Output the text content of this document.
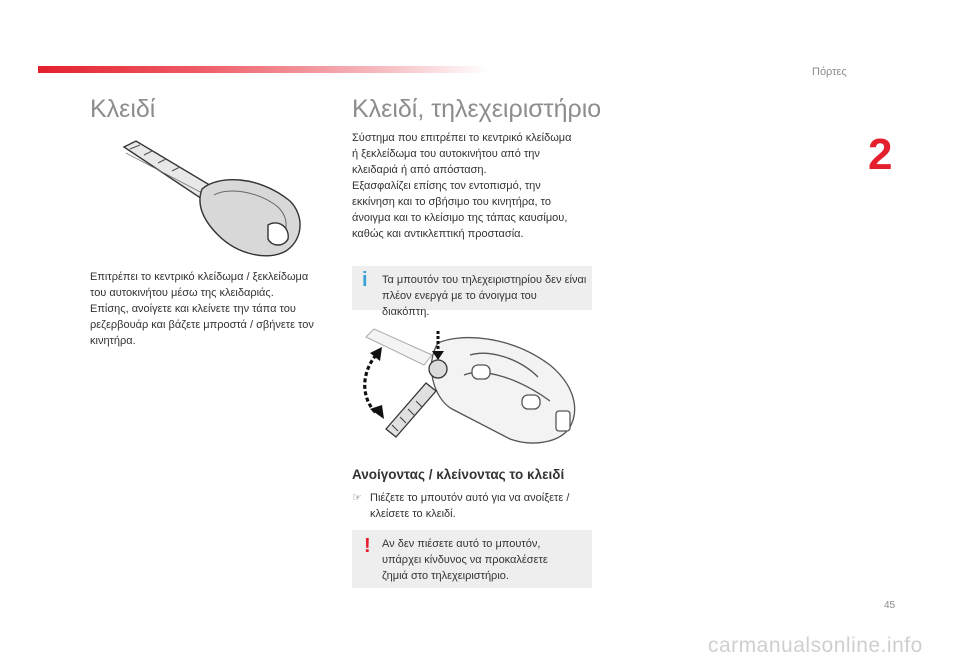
Πόρτες
2
Κλειδί
Επιτρέπει το κεντρικό κλείδωμα / ξεκλείδωμα
του αυτοκινήτου μέσω της κλειδαριάς.
Επίσης, ανοίγετε και κλείνετε την τάπα του
ρεζερβουάρ και βάζετε μπροστά / σβήνετε τον
κινητήρα.
Κλειδί, τηλεχειριστήριο
Σύστημα που επιτρέπει το κεντρικό κλείδωμα
ή ξεκλείδωμα του αυτοκινήτου από την
κλειδαριά ή από απόσταση.
Εξασφαλίζει επίσης τον εντοπισμό, την
εκκίνηση και το σβήσιμο του κινητήρα, το
άνοιγμα και το κλείσιμο της τάπας καυσίμου,
καθώς και αντικλεπτική προστασία.
i Τα μπουτόν του τηλεχειριστηρίου δεν είναι
πλέον ενεργά με το άνοιγμα του διακόπτη.
Ανοίγοντας / κλείνοντας το κλειδί
☞ Πιέζετε το μπουτόν αυτό για να ανοίξετε /
κλείσετε το κλειδί.
! Αν δεν πιέσετε αυτό το μπουτόν,
υπάρχει κίνδυνος να προκαλέσετε
ζημιά στο τηλεχειριστήριο.
45
carmanualsonline.info
